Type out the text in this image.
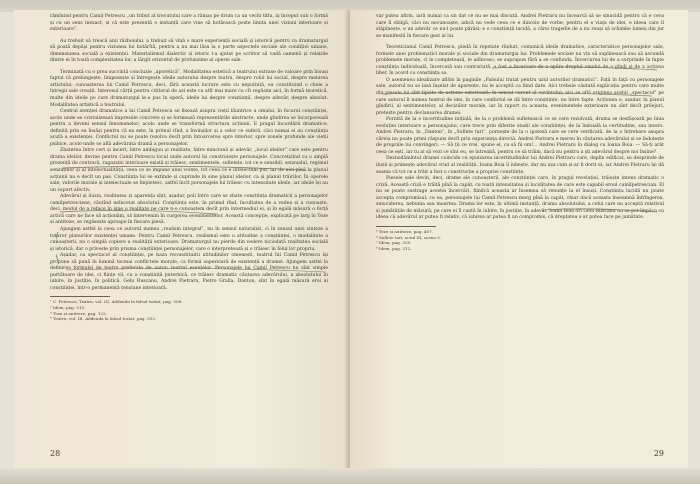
rămînind pentru Camil Petrescu „un tribut al trecutului care a rămas pe drum ca un vechi titlu, la început sub o formă și cu un sens inexact, și că este prezentă o instanță care vine să hotărască peste limita unei viziuni interioare și exterioare”.

Au trebuit să treacă anii războiului, a trebuit să vină o mare experiență socială și istorică pentru ca dramaturgul să poată depăși pentru viziunea lui hotărîtă, pentru a nu mai lăsa la o parte aspectele sociale ale condiției umane, dimensiunea socială a existenței. Materialismul dialectic și istoric l-a ajutat pe scriitor să vadă oamenii și relațiile dintre ei în toată complexitatea lor, a lărgit orizontul de profunzime al operei sale.

Terminată cu o prea succintă concluzie „aporetică”, Modalitatea estetică a teatrului extrase de valoare prin însuși faptul că prelungește, limpezește și întregește ideile autorului despre teatru, despre rolul lui social, despre menirea artistului; cunoașterea lui Camil Petrescu, deci, fără această lucrare este cu neputință, ea constituind o cheie a întregii sale creații. Interesul cărții pentru cititorul de azi este cu atît mai mare cu cît regăsim aici, în formă teoretică, multe din ideile pe care dramaturgul le-a pus în operă, ideile lui despre conștiință, despre adevăr, despre absolut. Modalitatea artistică a teatrului.

Centrul atenției dramatice a lui Camil Petrescu se fixează asupra vieții lăuntrice a omului, în focarul conștiinței, acolo unde se cristalizează impresiile concrete și se formează reprezentările abstracte, unde gîndirea se încorporează pentru a deveni sensul fenomenelor; acolo unde se transformă structura acțiunii. E pragul încordării dramatice, definită prin ea însăși pentru că ea este, în primul rînd, a învinșilor și a celor ce suferă, căci numai ei au conștiința acută a existenței. Conflictul nu se poate rezolva decît prin întoarcerea spre interior, spre zonele profunde ale vieții psihice, acolo unde se află adevărata dramă a personajelor.

Zbaterea între cert și incert, între ambiguu și realitate, între minciună și adevăr, „locul ideilor” care este pentru drama ideilor, devine pentru Camil Petrescu locul unde autorul își construiește personajele. Concretizînd cu o amplă prezență de contrarii, ragazzini interioare există și trăiesc, sentimentele, sufletele, tot ce e sensibil, senzualul, regimul senzațiilor și al intelectualității, ceea ce se impune unei voințe, tot ceea ce e intelectual pur, iar de aici pînă la planul acțiunii nu e decît un pas. Conștiința lui se extinde și cuprinde în sine planul ideilor, ca și planul trăirilor. În operele sale, valorile morale și intelectuale se împletesc, astfel încît personajele lui trăiesc cu intensitate ideile, iar ideile își au un suport afectiv.

Adevărul și iluzia, realitatea și aparența sînt, așadar, poli între care se zbate conștiința dramatică a personajelor camilpetresciene, căutînd neîncetat absolutul. Conștiința este, în primul rînd, facultatea de a vedea și a cunoaște, deci, modul de a reface în sine o realitate pe care n-o cunoaștem decît prin intermediul ei, și în egală măsură o forță activă care ne face să acționăm, să intervenim în curgerea evenimentelor. Această concepție, explicată pe larg în Teze și antiteze, se regăsește aproape în fiecare piesă.

Ajungem astfel la ceea ce autorul numea „realism integral”, nu în sensul naturalist, ci în sensul unei sinteze a tuturor planurilor existenței umane. Pentru Camil Petrescu, realismul este o atitudine a conștiinței, o modalitate a cunoașterii, nu o simplă copiere a realității exterioare. Dramaturgul nu pierde din vedere niciodată realitatea socială și istorică, dar o privește prin prisma conștiinței personajelor, care o interpretează și o trăiesc în felul lor propriu.

Așadar, ca spectacol al conștiinței, pe baza reconstituirii atitudinilor omenești, teatrul lui Camil Petrescu își propune să pună în lumină tocmai conflictele morale, ca formă superioară de existență a dramei. Ajungem astfel la definirea formulei de teatru preferate de autor: teatrul esențelor. Personajele lui Camil Petrescu nu sînt simple purtătoare de idei, ci ființe vii, cu o conștiință puternică, ce trăiesc dramatic căutarea adevărului, a absolutului în iubire, în justiție, în politică. Gelu Ruscanu, Andrei Pietraru, Pietro Gralla, Danton, sînt în egală măsură eroi ai conștiinței, într-o permanentă tensiune interioară.

¹ C. Petrescu, Teatru, vol. III, Addenda la falsul tratat, pag. 508.

² Idem, pag. 510.

³ Teze și antiteze, pag. 122.

⁴ Teatru, vol. III, Addenda la falsul tratat, pag. 512.

28

var putea afirm, iară numai ca un dat ce nu se mai discută. Andrei Pietraru nu încearcă să se sinucidă pentru că e ceva care îl obligă, căci nu necunoaște, adică nu vede ceea ce e dincolo de vorbe; pentru el e viața de idei, e ideea care îl stăpînește, e un adevăr ce nu-l poate părăsi; e o conștiință lucidă, a cărei tragedie de a nu reuși să schimbe lumea din jur se manifestă în fiecare gest al lui.

Teoreticianul Camil Petrescu, pledă în repetate rînduri, comunică ideile dramatice, caracteristice personajelor sale, formele unei problematici morale și sociale din dramaturgia lui. Problemele sociale nu vin să suplinească sau să ascundă problemele morale, ci le completează, le adîncesc; se suprapun fără a se confunda. Încercarea lui de a surprinde în fapte conștiința individuală, încercată sau contrariată, a fost o încercare de a apăra dreptul omului de a gîndi și de a acționa liber, în acord cu conștiința sa.

O asemenea idealizare aflăm în paginile „Falsului tratat pentru uzul autorilor dramatici”. Față în față cu personajele sale, autorul nu se lasă înșelat de aparențe, nu le acceptă ca fiind date. Aici trebuie căutată explicația pentru care multe din piesele lui sînt lipsite de acțiune exterioară, în sensul curent al cuvîntului; aici se află originea acelui „spectacol” pe care autorul îl numea teatrul de idei, în care conflictul se dă între conștiințe, nu între fapte. Acțiunea e, așadar, în planul gîndirii, al sentimentelor, al deciziilor morale, iar în raport cu aceasta, evenimentele exterioare nu sînt decît prilejuri, pretexte pentru declanșarea dramei.

Pornită de la o incertitudine inițială, de la o problemă sufletească ce se cere rezolvată, drama se desfășoară pe linia evoluției interioare a personajului, care trece prin diferite stadii ale conștiinței, de la îndoială la certitudine, sau invers. Andrei Pietraru, în „Danton”, în „Suflete tari”, pornește de la o ipoteză care se cere verificată, de la o întrebare asupra căreia nu poate primi răspuns decît prin experiența directă. Andrei Pietraru e mereu în căutarea adevărului și se îndoiește de propriile lui convingeri. — Să ții ce vrei, spune el, ca să fii om!... Andrei Pietraru în dialog cu Ioana Boia. — Să-ți arăt ceea ce ești, iar tu ai să vezi ce sînt eu, se întreabă, pentru ce să trăim, dacă nu pentru a ști adevărul despre noi înșine?

Deznodămîntul dramei coincide cu epuizarea incertitudinilor lui Andrei Pietraru care, deplin edificat, se desprinde de iluzii și primește adevărul crud al realității. Ioana Boia îl iubește, dar nu așa cum și-ar fi dorit el; iar Andrei Pietraru își dă seama că tot ce a trăit a fost o construcție a propriei conștiințe.

Piesele sale devin, deci, drame ale cunoașterii, ale conștiinței care, în pragul revelației, trăiește intens dramatic o criză. Această criză e trăită pînă la capăt, cu toată intensitatea și luciditatea de care este capabil eroul camilpetrescian. El nu se poate sustrage acestei încercări, fiindcă aceasta ar însemna să renunțe la el însuși. Conștiința lucidă nu poate accepta compromisul; cu ea, personajele lui Camil Petrescu merg pînă la capăt, chiar dacă aceasta înseamnă înfrîngerea, sinuciderea, nebunia sau moartea. Drama lor este, în ultimă instanță, drama absolutului, a celui care nu acceptă relativul și jumătățile de măsură; pe care ei îl caută în iubire, în justiție, în adevăr. Ioana Boia ori Gelu Ruscanu nu se pot împăca cu ideea că adevărul ar putea fi relativ, că iubirea ar putea fi un compromis, că dreptatea s-ar putea face pe jumătate.

⁵ Teze și antiteze, pag. 407.

⁶ Suflete tari, actul III, scena 3.

⁷ Idem, pag. 309.

⁸ Idem, pag. 312.

29
